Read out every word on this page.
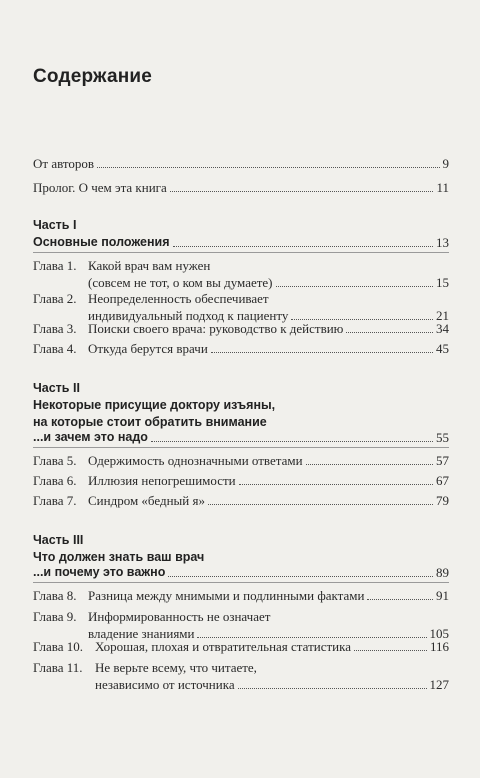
Содержание
От авторов	9
Пролог. О чем эта книга	11
Часть I
Основные положения	13
Глава 1. Какой врач вам нужен
(совсем не тот, о ком вы думаете)	15
Глава 2. Неопределенность обеспечивает
индивидуальный подход к пациенту	21
Глава 3. Поиски своего врача: руководство к действию	34
Глава 4. Откуда берутся врачи	45
Часть II
Некоторые присущие доктору изъяны,
на которые стоит обратить внимание
...и зачем это надо	55
Глава 5. Одержимость однозначными ответами	57
Глава 6. Иллюзия непогрешимости	67
Глава 7. Синдром «бедный я»	79
Часть III
Что должен знать ваш врач
...и почему это важно	89
Глава 8. Разница между мнимыми и подлинными фактами	91
Глава 9. Информированность не означает
владение знаниями	105
Глава 10. Хорошая, плохая и отвратительная статистика	116
Глава 11. Не верьте всему, что читаете,
независимо от источника	127
